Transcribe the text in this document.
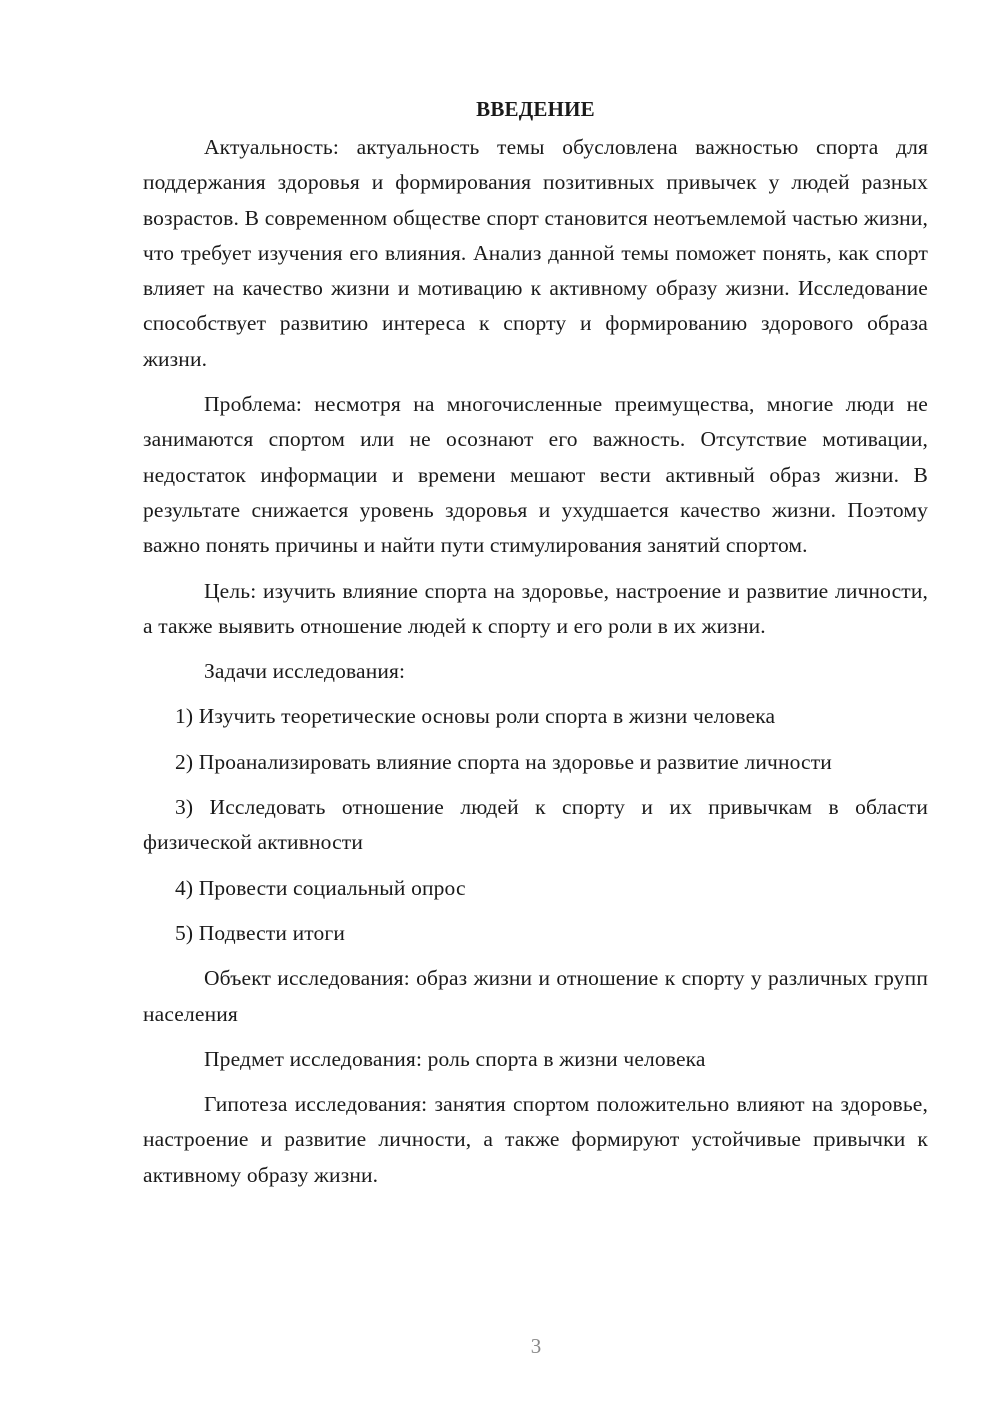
ВВЕДЕНИЕ

Актуальность: актуальность темы обусловлена важностью спорта для поддержания здоровья и формирования позитивных привычек у людей разных возрастов. В современном обществе спорт становится неотъемлемой частью жизни, что требует изучения его влияния. Анализ данной темы поможет понять, как спорт влияет на качество жизни и мотивацию к активному образу жизни. Исследование способствует развитию интереса к спорту и формированию здорового образа жизни.

Проблема: несмотря на многочисленные преимущества, многие люди не занимаются спортом или не осознают его важность. Отсутствие мотивации, недостаток информации и времени мешают вести активный образ жизни. В результате снижается уровень здоровья и ухудшается качество жизни. Поэтому важно понять причины и найти пути стимулирования занятий спортом.

Цель: изучить влияние спорта на здоровье, настроение и развитие личности, а также выявить отношение людей к спорту и его роли в их жизни.

Задачи исследования:

1) Изучить теоретические основы роли спорта в жизни человека

2) Проанализировать влияние спорта на здоровье и развитие личности

3) Исследовать отношение людей к спорту и их привычкам в области физической активности

4) Провести социальный опрос

5) Подвести итоги

Объект исследования: образ жизни и отношение к спорту у различных групп населения

Предмет исследования: роль спорта в жизни человека

Гипотеза исследования: занятия спортом положительно влияют на здоровье, настроение и развитие личности, а также формируют устойчивые привычки к активному образу жизни.

3
